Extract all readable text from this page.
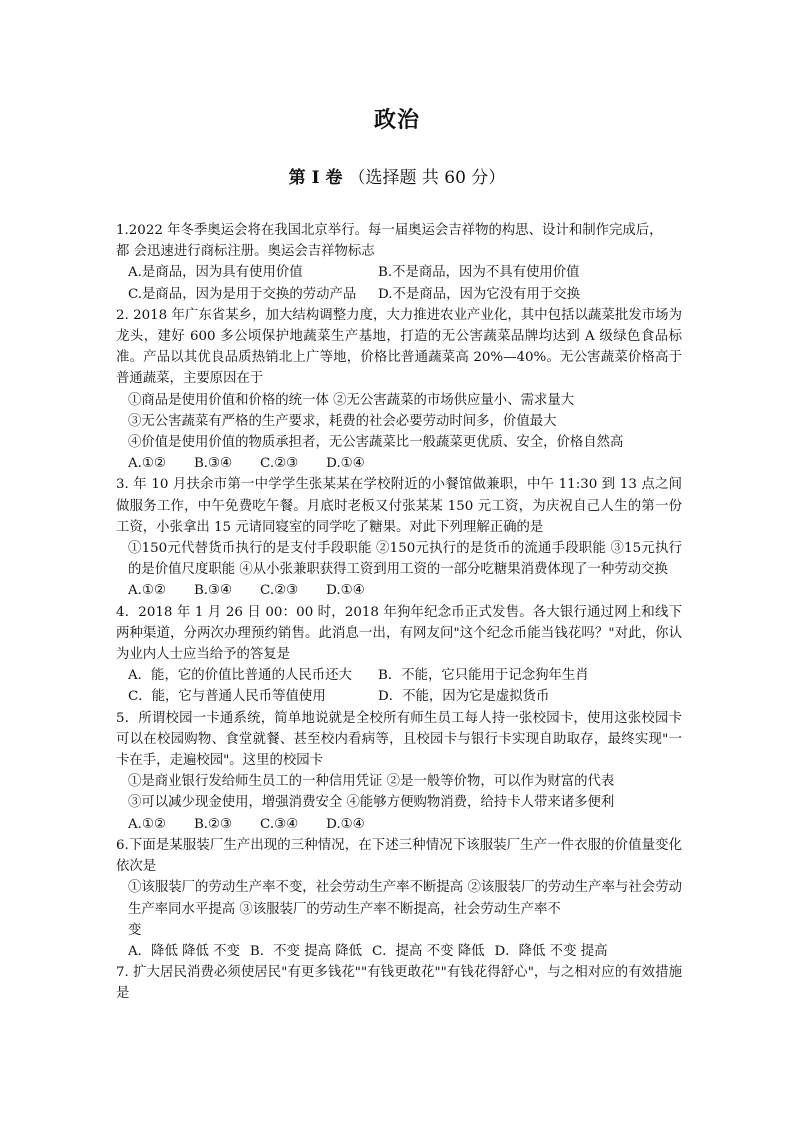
政治
第 I 卷 （选择题 共 60 分）

1.2022 年冬季奥运会将在我国北京举行。每一届奥运会吉祥物的构思、设计和制作完成后，

都 会迅速进行商标注册。奥运会吉祥物标志

A.是商品，因为具有使用价值	B.不是商品，因为不具有使用价值

C.是商品，因为是用于交换的劳动产品 D.不是商品，因为它没有用于交换

2. 2018 年广东省某乡，加大结构调整力度，大力推进农业产业化，其中包括以蔬菜批发市场为龙头，建好 600 多公顷保护地蔬菜生产基地，打造的无公害蔬菜品牌均达到 A 级绿色食品标准。产品以其优良品质热销北上广等地，价格比普通蔬菜高 20%—40%。无公害蔬菜价格高于普通蔬菜，主要原因在于

①商品是使用价值和价格的统一体 ②无公害蔬菜的市场供应量小、需求量大

③无公害蔬菜有严格的生产要求，耗费的社会必要劳动时间多，价值最大

④价值是使用价值的物质承担者，无公害蔬菜比一般蔬菜更优质、安全，价格自然高

A.①② B.③④ C.②③ D.①④

3. 年 10 月扶余市第一中学学生张某某在学校附近的小餐馆做兼职，中午 11:30 到 13 点之间做服务工作，中午免费吃午餐。月底时老板又付张某某 150 元工资，为庆祝自己人生的第一份工资，小张拿出 15 元请同寝室的同学吃了糖果。对此下列理解正确的是

①150元代替货币执行的是支付手段职能 ②150元执行的是货币的流通手段职能 ③15元执行的是价值尺度职能 ④从小张兼职获得工资到用工资的一部分吃糖果消费体现了一种劳动交换

A.①② B.③④ C.②③ D.①④

4．2018 年 1 月 26 日 00：00 时，2018 年狗年纪念币正式发售。各大银行通过网上和线下两种渠道，分两次办理预约销售。此消息一出，有网友问"这个纪念币能当钱花吗？"对此，你认为业内人士应当给予的答复是

A．能，它的价值比普通的人民币还大 B．不能，它只能用于记念狗年生肖

C．能，它与普通人民币等值使用	D．不能，因为它是虚拟货币

5．所谓校园一卡通系统，简单地说就是全校所有师生员工每人持一张校园卡，使用这张校园卡可以在校园购物、食堂就餐、甚至校内看病等，且校园卡与银行卡实现自助取存，最终实现"一卡在手，走遍校园"。这里的校园卡

①是商业银行发给师生员工的一种信用凭证 ②是一般等价物，可以作为财富的代表

③可以减少现金使用，增强消费安全 ④能够方便购物消费，给持卡人带来诸多便利

A.①② B.②③ C.③④ D.①④

6.下面是某服装厂生产出现的三种情况，在下述三种情况下该服装厂生产一件衣服的价值量变化依次是

①该服装厂的劳动生产率不变，社会劳动生产率不断提高 ②该服装厂的劳动生产率与社会劳动生产率同水平提高 ③该服装厂的劳动生产率不断提高，社会劳动生产率不

变

A．降低 降低 不变 B．不变 提高 降低 C．提高 不变 降低 D．降低 不变 提高

7. 扩大居民消费必须使居民"有更多钱花""有钱更敢花""有钱花得舒心"，与之相对应的有效措施是
